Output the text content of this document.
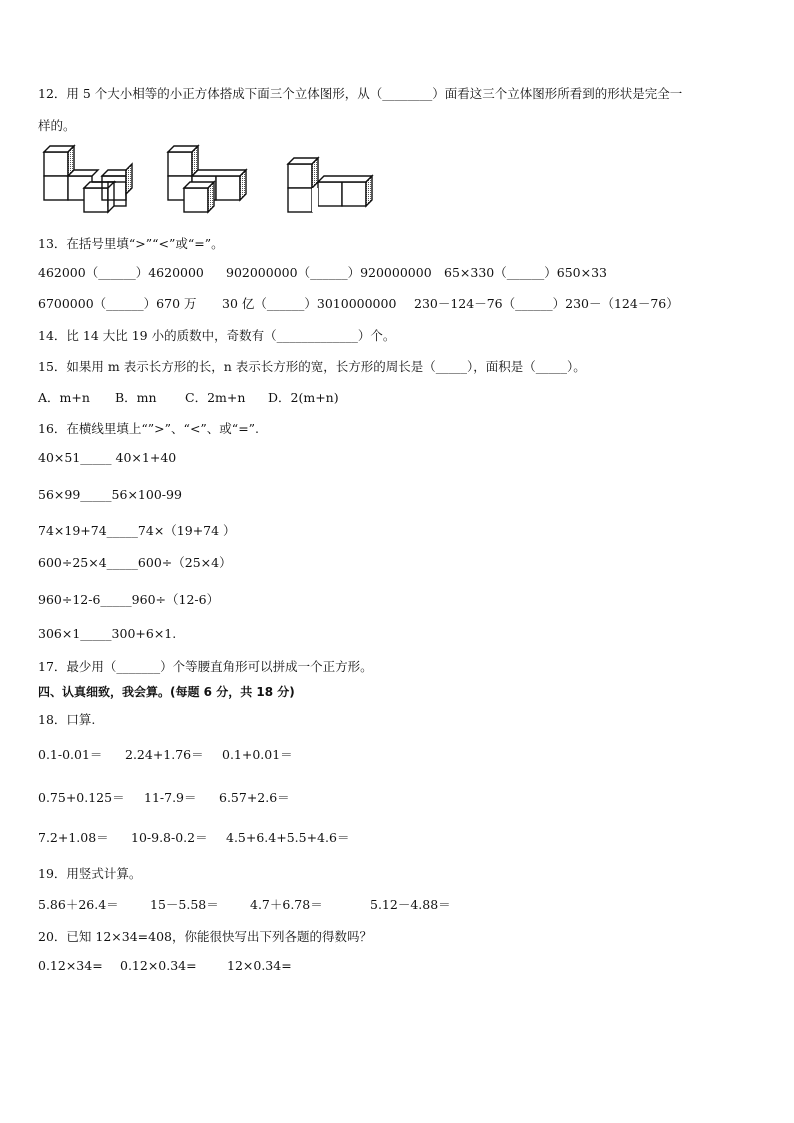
12．用 5 个大小相等的小正方体搭成下面三个立体图形，从（________）面看这三个立体图形所看到的形状是完全一
样的。
13．在括号里填“>”“<”或“=”。
462000（______）4620000 902000000（______）920000000 65×330（______）650×33
6700000（______）670 万 30 亿（______）3010000000 230－124－76（______）230－（124－76）
14．比 14 大比 19 小的质数中，奇数有（_____________）个。
15．如果用 m 表示长方形的长，n 表示长方形的宽，长方形的周长是（_____），面积是（_____）。
A．m+n B．mn C．2m+n D．2(m+n)
16．在横线里填上“”>”、“<”、或“=”.
40×51_____ 40×1+40
56×99_____56×100-99
74×19+74_____74×（19+74 ）
600÷25×4_____600÷（25×4）
960÷12-6_____960÷（12-6）
306×1_____300+6×1.
17．最少用（_______）个等腰直角形可以拼成一个正方形。
四、认真细致，我会算。(每题 6 分，共 18 分)
18．口算.
0.1-0.01＝ 2.24+1.76＝ 0.1+0.01＝
0.75+0.125＝ 11-7.9＝ 6.57+2.6＝
7.2+1.08＝ 10-9.8-0.2＝ 4.5+6.4+5.5+4.6＝
19．用竖式计算。
5.86＋26.4＝	15－5.58＝	4.7＋6.78＝	5.12－4.88＝
20．已知 12×34=408，你能很快写出下列各题的得数吗？
0.12×34= 0.12×0.34= 12×0.34=
